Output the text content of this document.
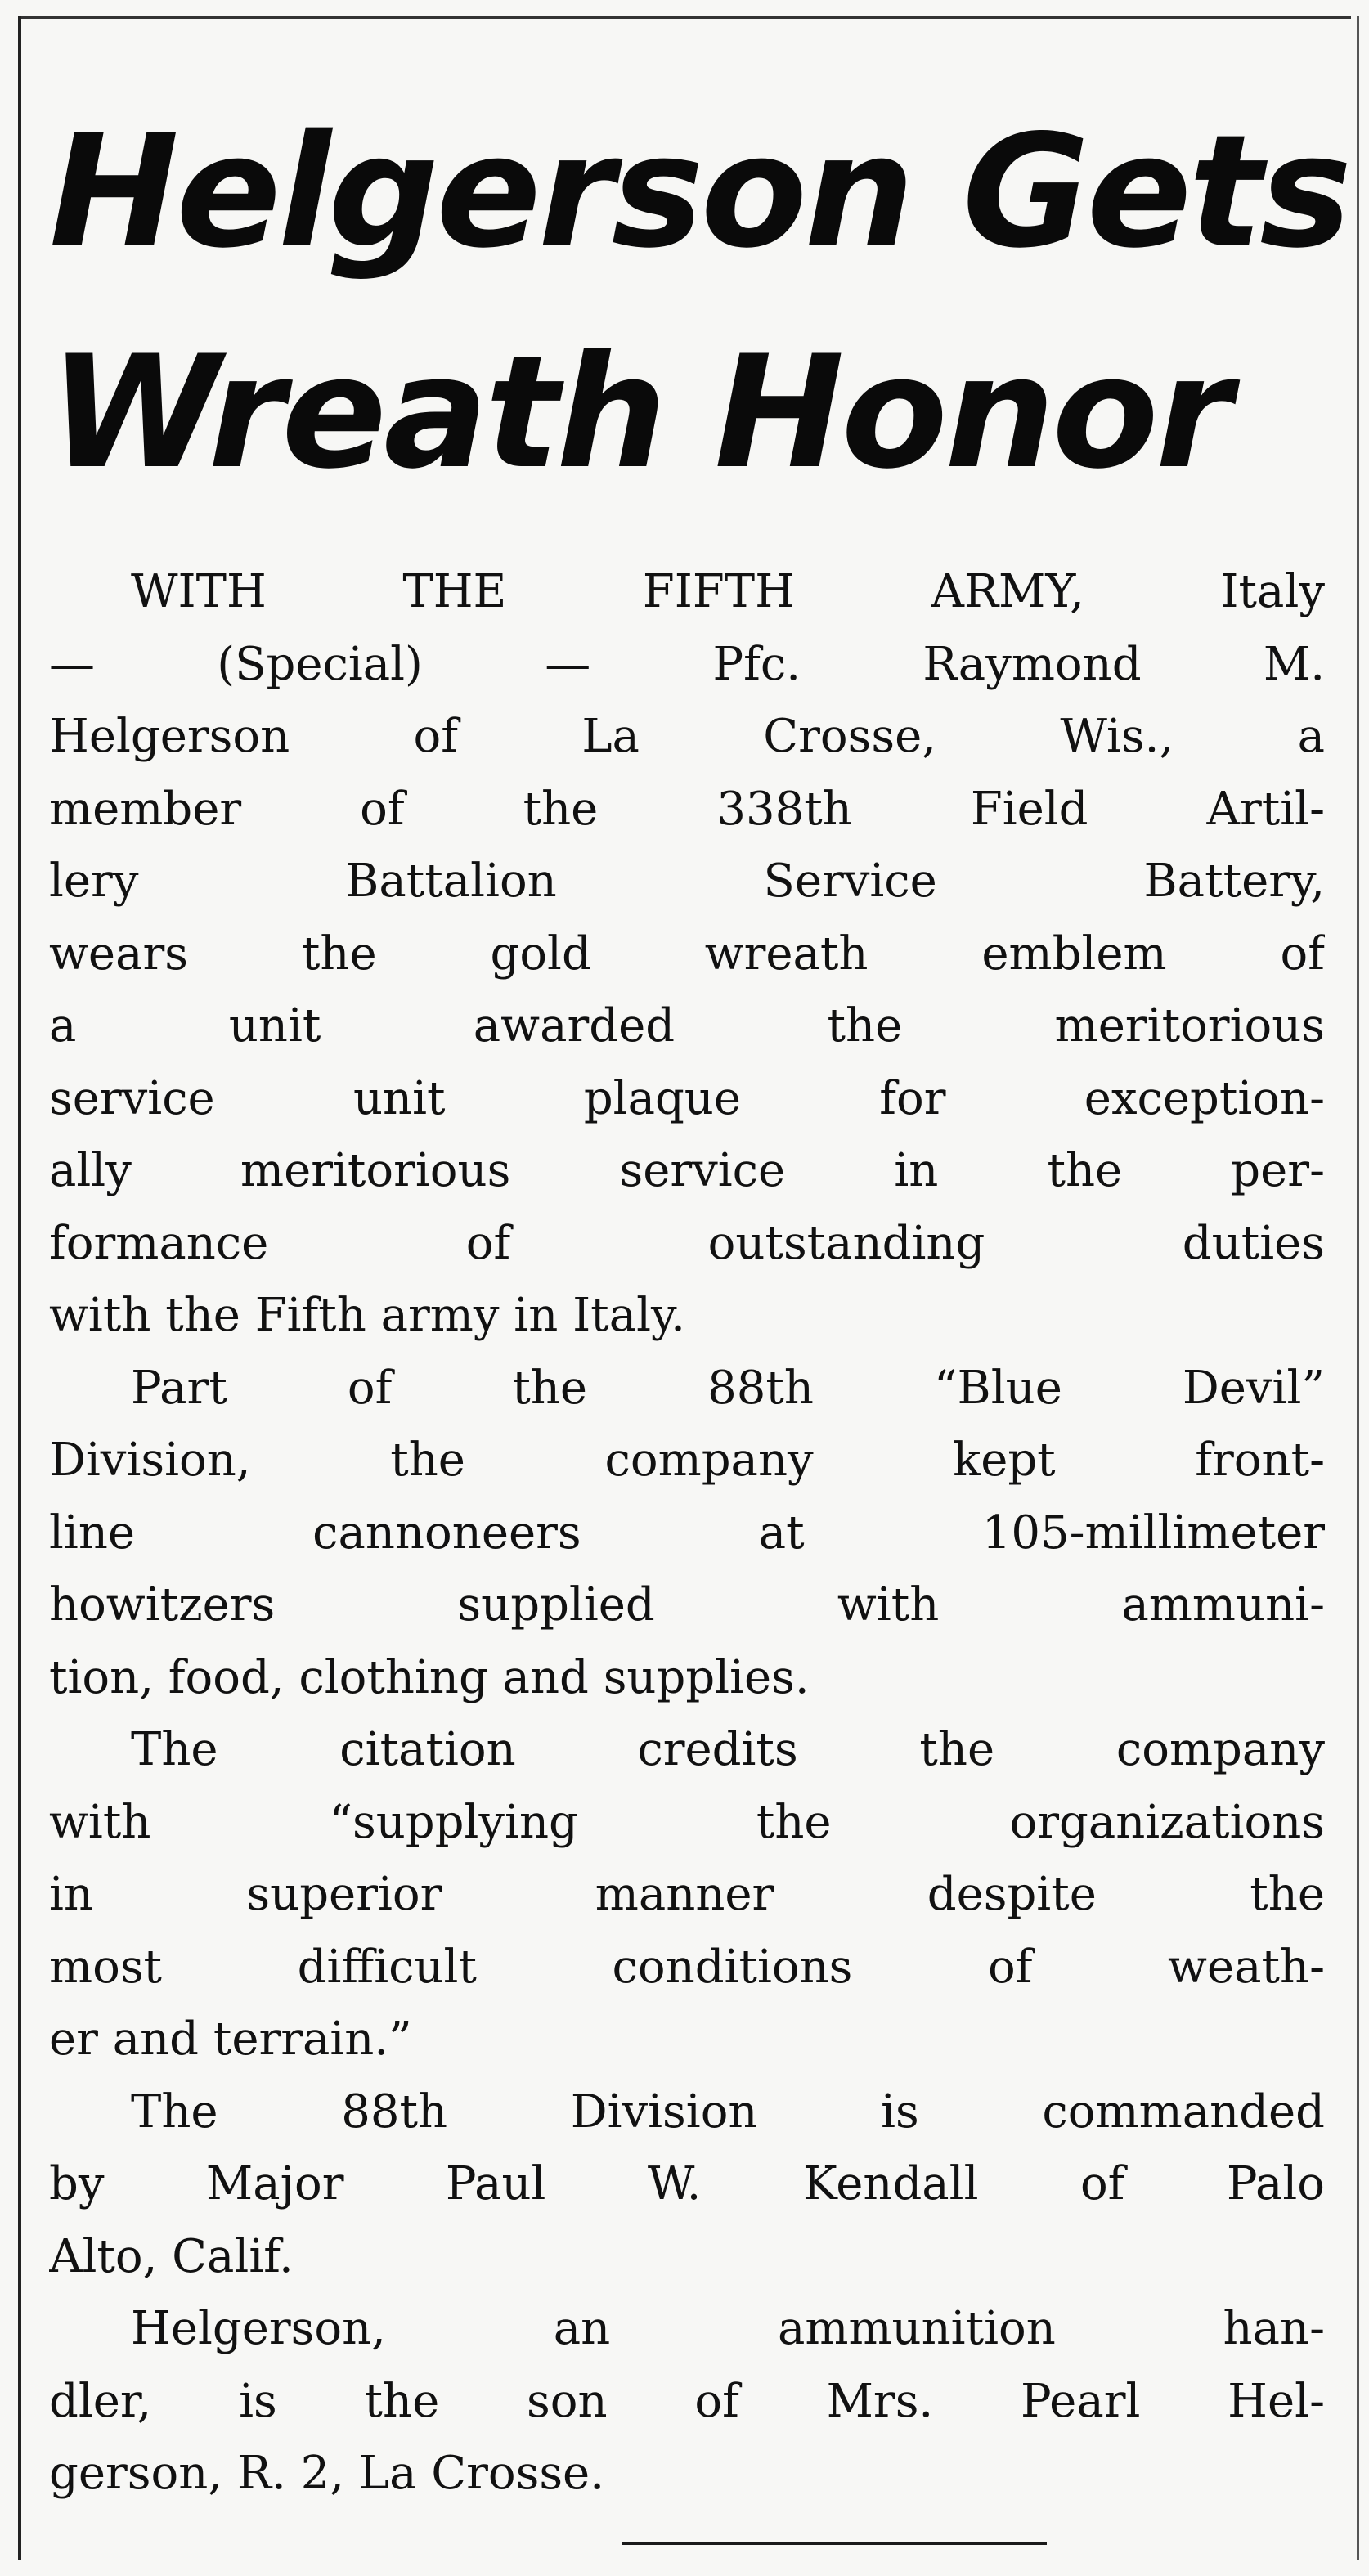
Helgerson Gets
Wreath Honor
WITH THE FIFTH ARMY, Italy
— (Special) — Pfc. Raymond M.
Helgerson of La Crosse, Wis., a
member of the 338th Field Artil-
lery Battalion Service Battery,
wears the gold wreath emblem of
a unit awarded the meritorious
service unit plaque for exception-
ally meritorious service in the per-
formance of outstanding duties
with the Fifth army in Italy.
Part of the 88th “Blue Devil”
Division, the company kept front-
line cannoneers at 105-millimeter
howitzers supplied with ammuni-
tion, food, clothing and supplies.
The citation credits the company
with “supplying the organizations
in superior manner despite the
most difficult conditions of weath-
er and terrain.”
The 88th Division is commanded
by Major Paul W. Kendall of Palo
Alto, Calif.
Helgerson, an ammunition han-
dler, is the son of Mrs. Pearl Hel-
gerson, R. 2, La Crosse.
